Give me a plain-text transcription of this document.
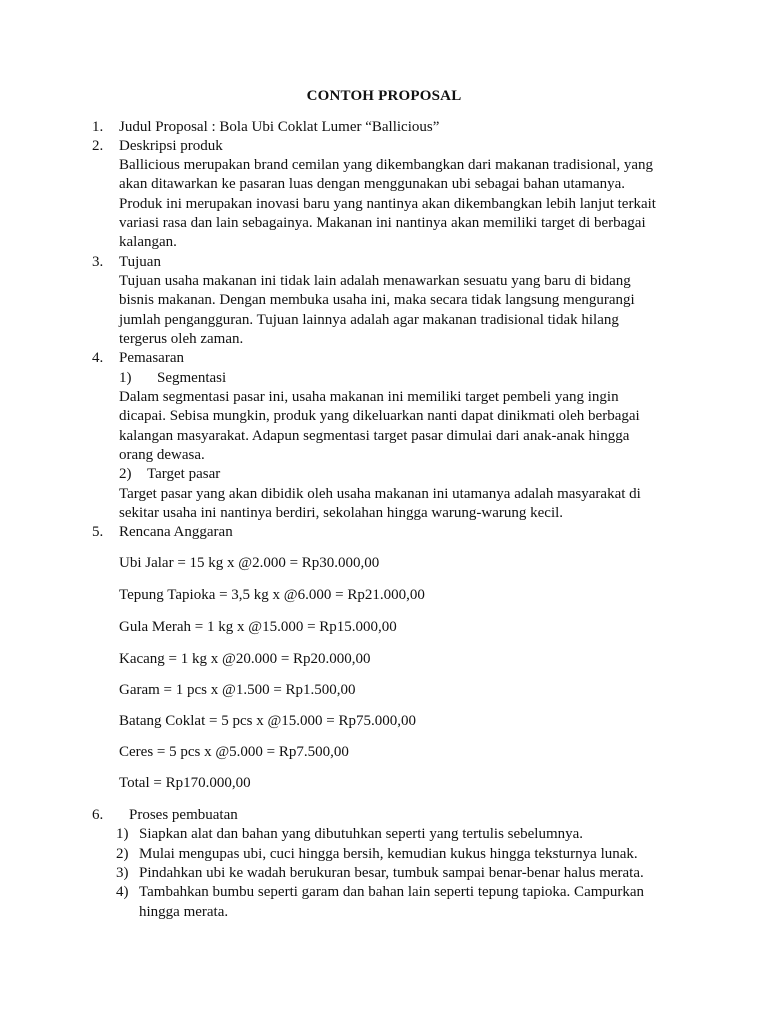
CONTOH PROPOSAL
1. Judul Proposal : Bola Ubi Coklat Lumer “Ballicious”
2. Deskripsi produk
Ballicious merupakan brand cemilan yang dikembangkan dari makanan tradisional, yang
akan ditawarkan ke pasaran luas dengan menggunakan ubi sebagai bahan utamanya.
Produk ini merupakan inovasi baru yang nantinya akan dikembangkan lebih lanjut terkait
variasi rasa dan lain sebagainya. Makanan ini nantinya akan memiliki target di berbagai
kalangan.
3. Tujuan
Tujuan usaha makanan ini tidak lain adalah menawarkan sesuatu yang baru di bidang
bisnis makanan. Dengan membuka usaha ini, maka secara tidak langsung mengurangi
jumlah pengangguran. Tujuan lainnya adalah agar makanan tradisional tidak hilang
tergerus oleh zaman.
4. Pemasaran
1) Segmentasi
Dalam segmentasi pasar ini, usaha makanan ini memiliki target pembeli yang ingin
dicapai. Sebisa mungkin, produk yang dikeluarkan nanti dapat dinikmati oleh berbagai
kalangan masyarakat. Adapun segmentasi target pasar dimulai dari anak-anak hingga
orang dewasa.
2) Target pasar
Target pasar yang akan dibidik oleh usaha makanan ini utamanya adalah masyarakat di
sekitar usaha ini nantinya berdiri, sekolahan hingga warung-warung kecil.
5. Rencana Anggaran
Ubi Jalar = 15 kg x @2.000 = Rp30.000,00
Tepung Tapioka = 3,5 kg x @6.000 = Rp21.000,00
Gula Merah = 1 kg x @15.000 = Rp15.000,00
Kacang = 1 kg x @20.000 = Rp20.000,00
Garam = 1 pcs x @1.500 = Rp1.500,00
Batang Coklat = 5 pcs x @15.000 = Rp75.000,00
Ceres = 5 pcs x @5.000 = Rp7.500,00
Total = Rp170.000,00
6. Proses pembuatan
1) Siapkan alat dan bahan yang dibutuhkan seperti yang tertulis sebelumnya.
2) Mulai mengupas ubi, cuci hingga bersih, kemudian kukus hingga teksturnya lunak.
3) Pindahkan ubi ke wadah berukuran besar, tumbuk sampai benar-benar halus merata.
4) Tambahkan bumbu seperti garam dan bahan lain seperti tepung tapioka. Campurkan
hingga merata.
